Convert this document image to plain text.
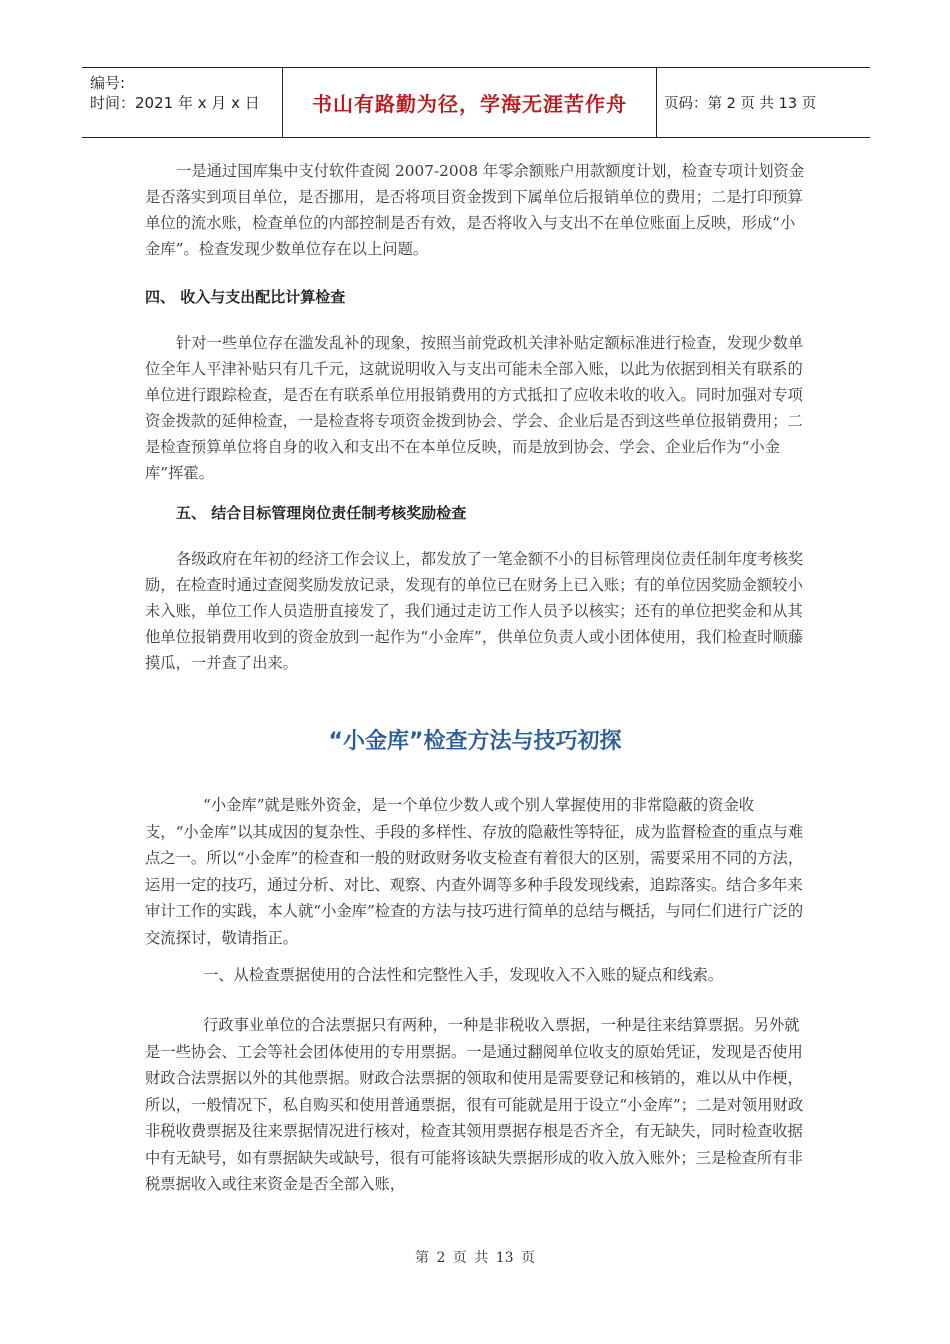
编号:
时间：2021 年 x 月 x 日	书山有路勤为径，学海无涯苦作舟	页码：第 2 页 共 13 页

一是通过国库集中支付软件查阅 2007-2008 年零余额账户用款额度计划，检查专项计划资金是否落实到项目单位，是否挪用，是否将项目资金拨到下属单位后报销单位的费用；二是打印预算单位的流水账，检查单位的内部控制是否有效，是否将收入与支出不在单位账面上反映，形成“小金库”。检查发现少数单位存在以上问题。

四、 收入与支出配比计算检查

针对一些单位存在滥发乱补的现象，按照当前党政机关津补贴定额标准进行检查，发现少数单位全年人平津补贴只有几千元，这就说明收入与支出可能未全部入账，以此为依据到相关有联系的单位进行跟踪检查，是否在有联系单位用报销费用的方式抵扣了应收未收的收入。同时加强对专项资金拨款的延伸检查，一是检查将专项资金拨到协会、学会、企业后是否到这些单位报销费用；二是检查预算单位将自身的收入和支出不在本单位反映，而是放到协会、学会、企业后作为“小金库”挥霍。

五、 结合目标管理岗位责任制考核奖励检查

各级政府在年初的经济工作会议上，都发放了一笔金额不小的目标管理岗位责任制年度考核奖励，在检查时通过查阅奖励发放记录，发现有的单位已在财务上已入账；有的单位因奖励金额较小未入账，单位工作人员造册直接发了，我们通过走访工作人员予以核实；还有的单位把奖金和从其他单位报销费用收到的资金放到一起作为“小金库”，供单位负责人或小团体使用，我们检查时顺藤摸瓜，一并查了出来。

“小金库”检查方法与技巧初探

“小金库”就是账外资金，是一个单位少数人或个别人掌握使用的非常隐蔽的资金收支，“小金库”以其成因的复杂性、手段的多样性、存放的隐蔽性等特征，成为监督检查的重点与难点之一。所以“小金库”的检查和一般的财政财务收支检查有着很大的区别，需要采用不同的方法，运用一定的技巧，通过分析、对比、观察、内查外调等多种手段发现线索，追踪落实。结合多年来审计工作的实践，本人就“小金库”检查的方法与技巧进行简单的总结与概括，与同仁们进行广泛的交流探讨，敬请指正。

一、从检查票据使用的合法性和完整性入手，发现收入不入账的疑点和线索。

行政事业单位的合法票据只有两种，一种是非税收入票据，一种是往来结算票据。另外就是一些协会、工会等社会团体使用的专用票据。一是通过翻阅单位收支的原始凭证，发现是否使用财政合法票据以外的其他票据。财政合法票据的领取和使用是需要登记和核销的，难以从中作梗，所以，一般情况下，私自购买和使用普通票据，很有可能就是用于设立“小金库”；二是对领用财政非税收费票据及往来票据情况进行核对，检查其领用票据存根是否齐全，有无缺失，同时检查收据中有无缺号，如有票据缺失或缺号，很有可能将该缺失票据形成的收入放入账外；三是检查所有非税票据收入或往来资金是否全部入账，

第 2 页 共 13 页
